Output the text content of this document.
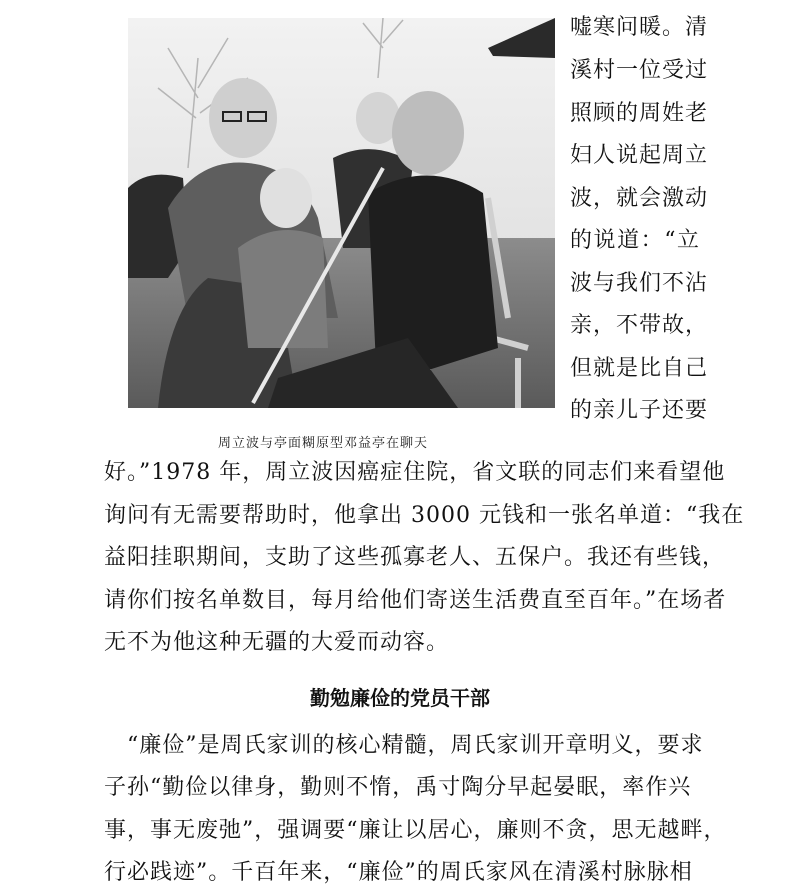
周立波与亭面糊原型邓益亭在聊天
嘘寒问暖。清
溪村一位受过
照顾的周姓老
妇人说起周立
波，就会激动
的说道：“立
波与我们不沾
亲，不带故，
但就是比自己
的亲儿子还要
好。”1978 年，周立波因癌症住院，省文联的同志们来看望他
询问有无需要帮助时，他拿出 3000 元钱和一张名单道：“我在
益阳挂职期间，支助了这些孤寡老人、五保户。我还有些钱，
请你们按名单数目，每月给他们寄送生活费直至百年。”在场者
无不为他这种无疆的大爱而动容。
勤勉廉俭的党员干部
　“廉俭”是周氏家训的核心精髓，周氏家训开章明义，要求
子孙“勤俭以律身，勤则不惰，禹寸陶分早起晏眠，率作兴
事，事无废弛”，强调要“廉让以居心，廉则不贪，思无越畔，
行必践迹”。千百年来，“廉俭”的周氏家风在清溪村脉脉相
